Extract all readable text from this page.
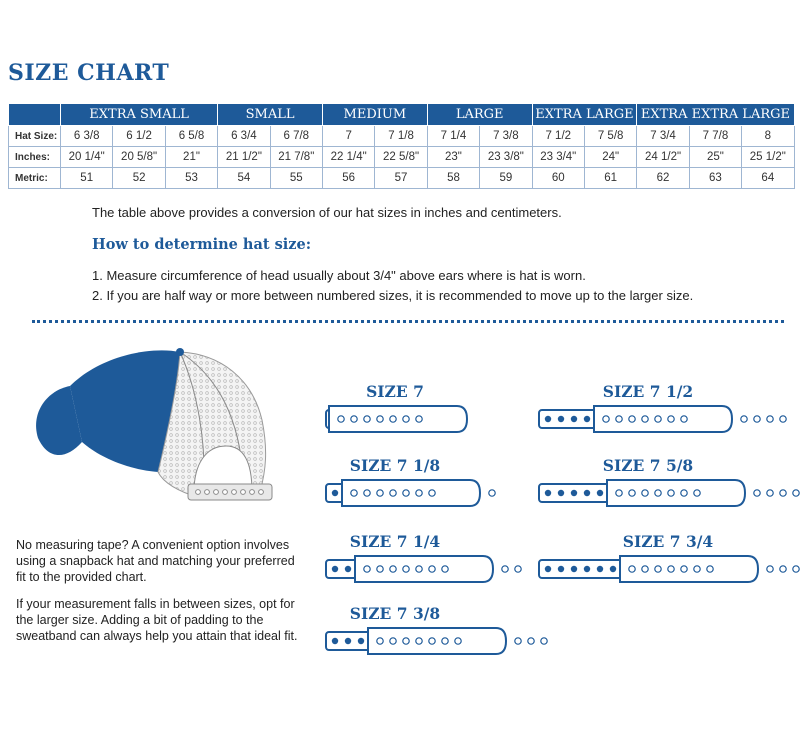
SIZE CHART
	EXTRA SMALL			SMALL		MEDIUM		LARGE		EXTRA LARGE		EXTRA EXTRA LARGE		
Hat Size:	6 3/8	6 1/2	6 5/8	6 3/4	6 7/8	7	7 1/8	7 1/4	7 3/8	7 1/2	7 5/8	7 3/4	7 7/8	8
Inches:	20 1/4"	20 5/8"	21"	21 1/2"	21 7/8"	22 1/4"	22 5/8"	23"	23 3/8"	23 3/4"	24"	24 1/2"	25"	25 1/2"
Metric:	51	52	53	54	55	56	57	58	59	60	61	62	63	64

The table above provides a conversion of our hat sizes in inches and centimeters.

How to determine hat size:
1. Measure circumference of head usually about 3/4" above ears where is hat is worn.
2. If you are half way or more between numbered sizes, it is recommended to move up to the larger size.

No measuring tape? A convenient option involves using a snapback hat and matching your preferred fit to the provided chart.

If your measurement falls in between sizes, opt for the larger size. Adding a bit of padding to the sweatband can always help you attain that ideal fit.

SIZE 7
SIZE 7 1/8
SIZE 7 1/4
SIZE 7 3/8
SIZE 7 1/2
SIZE 7 5/8
SIZE 7 3/4
